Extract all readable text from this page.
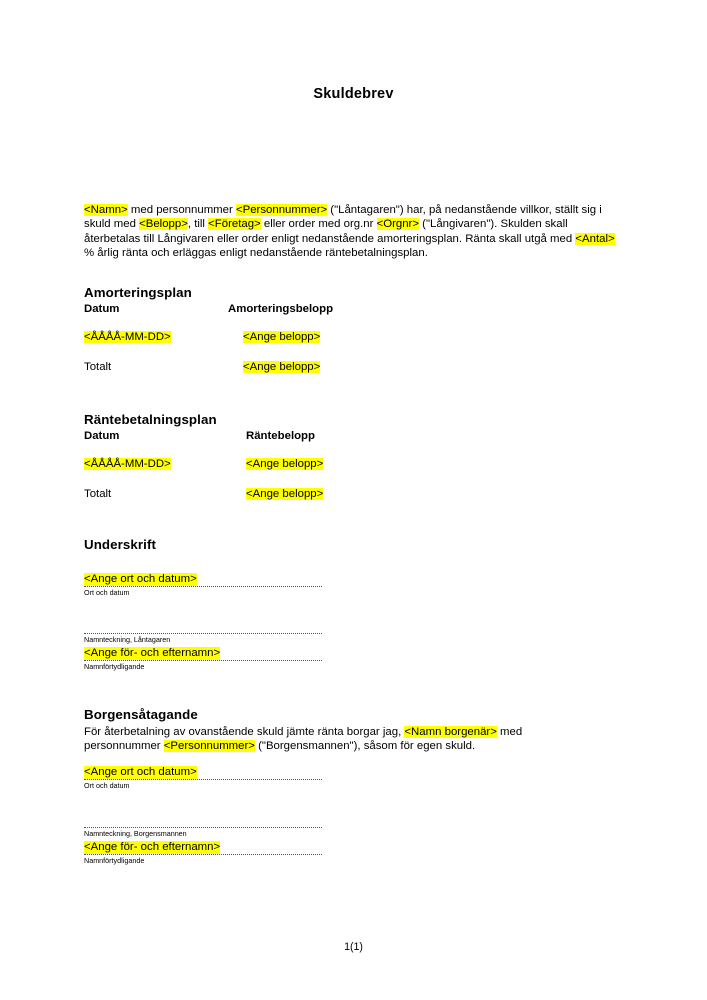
Skuldebrev
<Namn> med personnummer <Personnummer> ("Låntagaren") har, på nedanstående villkor, ställt sig i skuld med <Belopp>, till <Företag> eller order med org.nr <Orgnr> ("Långivaren"). Skulden skall återbetalas till Långivaren eller order enligt nedanstående amorteringsplan. Ränta skall utgå med <Antal> % årlig ränta och erläggas enligt nedanstående räntebetalningsplan.
Amorteringsplan
Datum	Amorteringsbelopp
<ÅÅÅÅ-MM-DD>	<Ange belopp>
Totalt	<Ange belopp>
Räntebetalningsplan
Datum	Räntebelopp
<ÅÅÅÅ-MM-DD>	<Ange belopp>
Totalt	<Ange belopp>
Underskrift
<Ange ort och datum>
Ort och datum
Namnteckning, Låntagaren
<Ange för- och efternamn>
Namnförtydligande
Borgensåtagande
För återbetalning av ovanstående skuld jämte ränta borgar jag, <Namn borgenär> med personnummer <Personnummer> ("Borgensmannen"), såsom för egen skuld.
<Ange ort och datum>
Ort och datum
Namnteckning, Borgensmannen
<Ange för- och efternamn>
Namnförtydligande
1(1)
